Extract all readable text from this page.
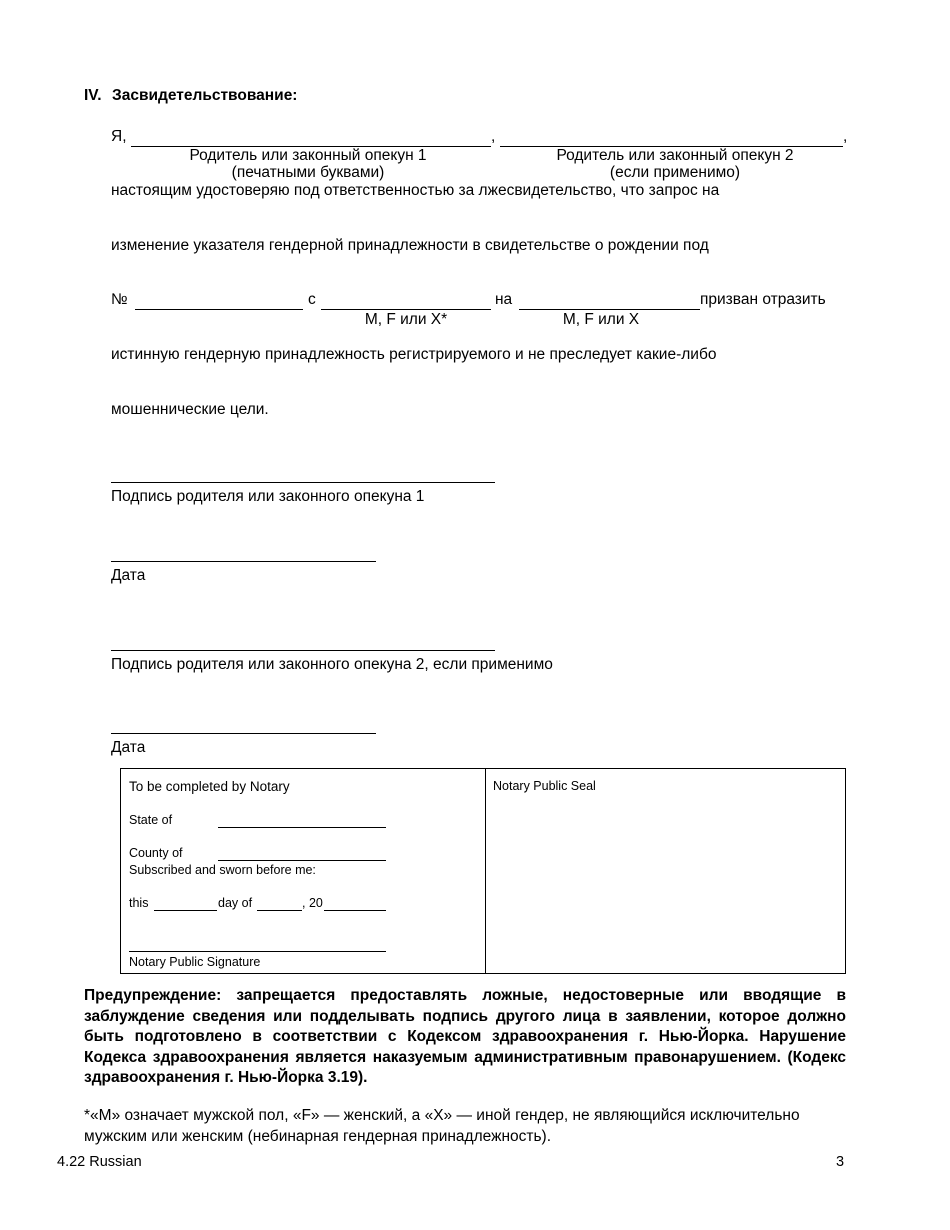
IV. Засвидетельствование:
Я,	,	,
Родитель или законный опекун 1
(печатными буквами)
Родитель или законный опекун 2
(если применимо)
настоящим удостоверяю под ответственностью за лжесвидетельство, что запрос на
изменение указателя гендерной принадлежности в свидетельстве о рождении под
№	с	на	призван отразить
M, F или X*	M, F или X
истинную гендерную принадлежность регистрируемого и не преследует какие-либо
мошеннические цели.
Подпись родителя или законного опекуна 1
Дата
Подпись родителя или законного опекуна 2, если применимо
Дата
To be completed by Notary
State of
County of
Subscribed and sworn before me:
this	day of	, 20
Notary Public Signature
Notary Public Seal
Предупреждение: запрещается предоставлять ложные, недостоверные или вводящие в заблуждение сведения или подделывать подпись другого лица в заявлении, которое должно быть подготовлено в соответствии с Кодексом здравоохранения г. Нью-Йорка. Нарушение Кодекса здравоохранения является наказуемым административным правонарушением. (Кодекс здравоохранения г. Нью-Йорка 3.19).
*«M» означает мужской пол, «F» — женский, а «X» — иной гендер, не являющийся исключительно мужским или женским (небинарная гендерная принадлежность).
4.22 Russian	3
